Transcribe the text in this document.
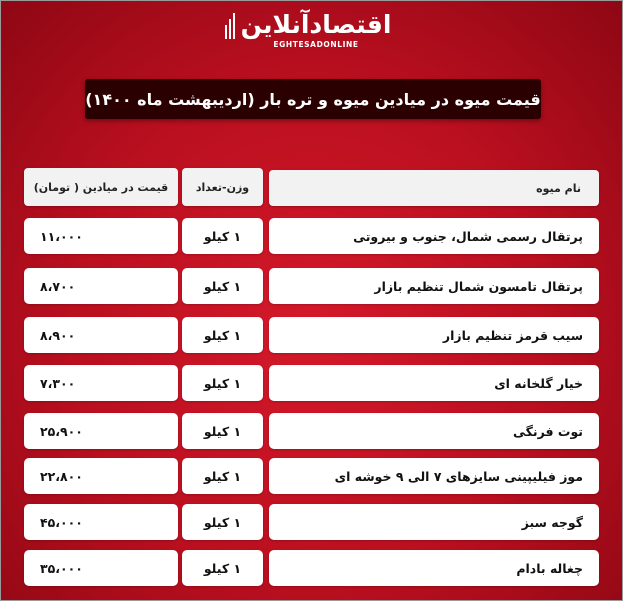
اقتصادآنلاین
EGHTESADONLINE
قیمت میوه در میادین میوه و تره بار (اردیبهشت ماه ۱۴۰۰)
نام میوه
وزن-تعداد
قیمت در میادین ( تومان)
پرتقال رسمی شمال، جنوب و بیروتی
۱ کیلو
۱۱،۰۰۰
پرتقال تامسون شمال تنظیم بازار
۱ کیلو
۸،۷۰۰
سیب قرمز تنظیم بازار
۱ کیلو
۸،۹۰۰
خیار گلخانه ای
۱ کیلو
۷،۳۰۰
توت فرنگی
۱ کیلو
۲۵،۹۰۰
موز فیلیپینی سایزهای ۷ الی ۹ خوشه ای
۱ کیلو
۲۲،۸۰۰
گوجه سبز
۱ کیلو
۴۵،۰۰۰
چغاله بادام
۱ کیلو
۳۵،۰۰۰
